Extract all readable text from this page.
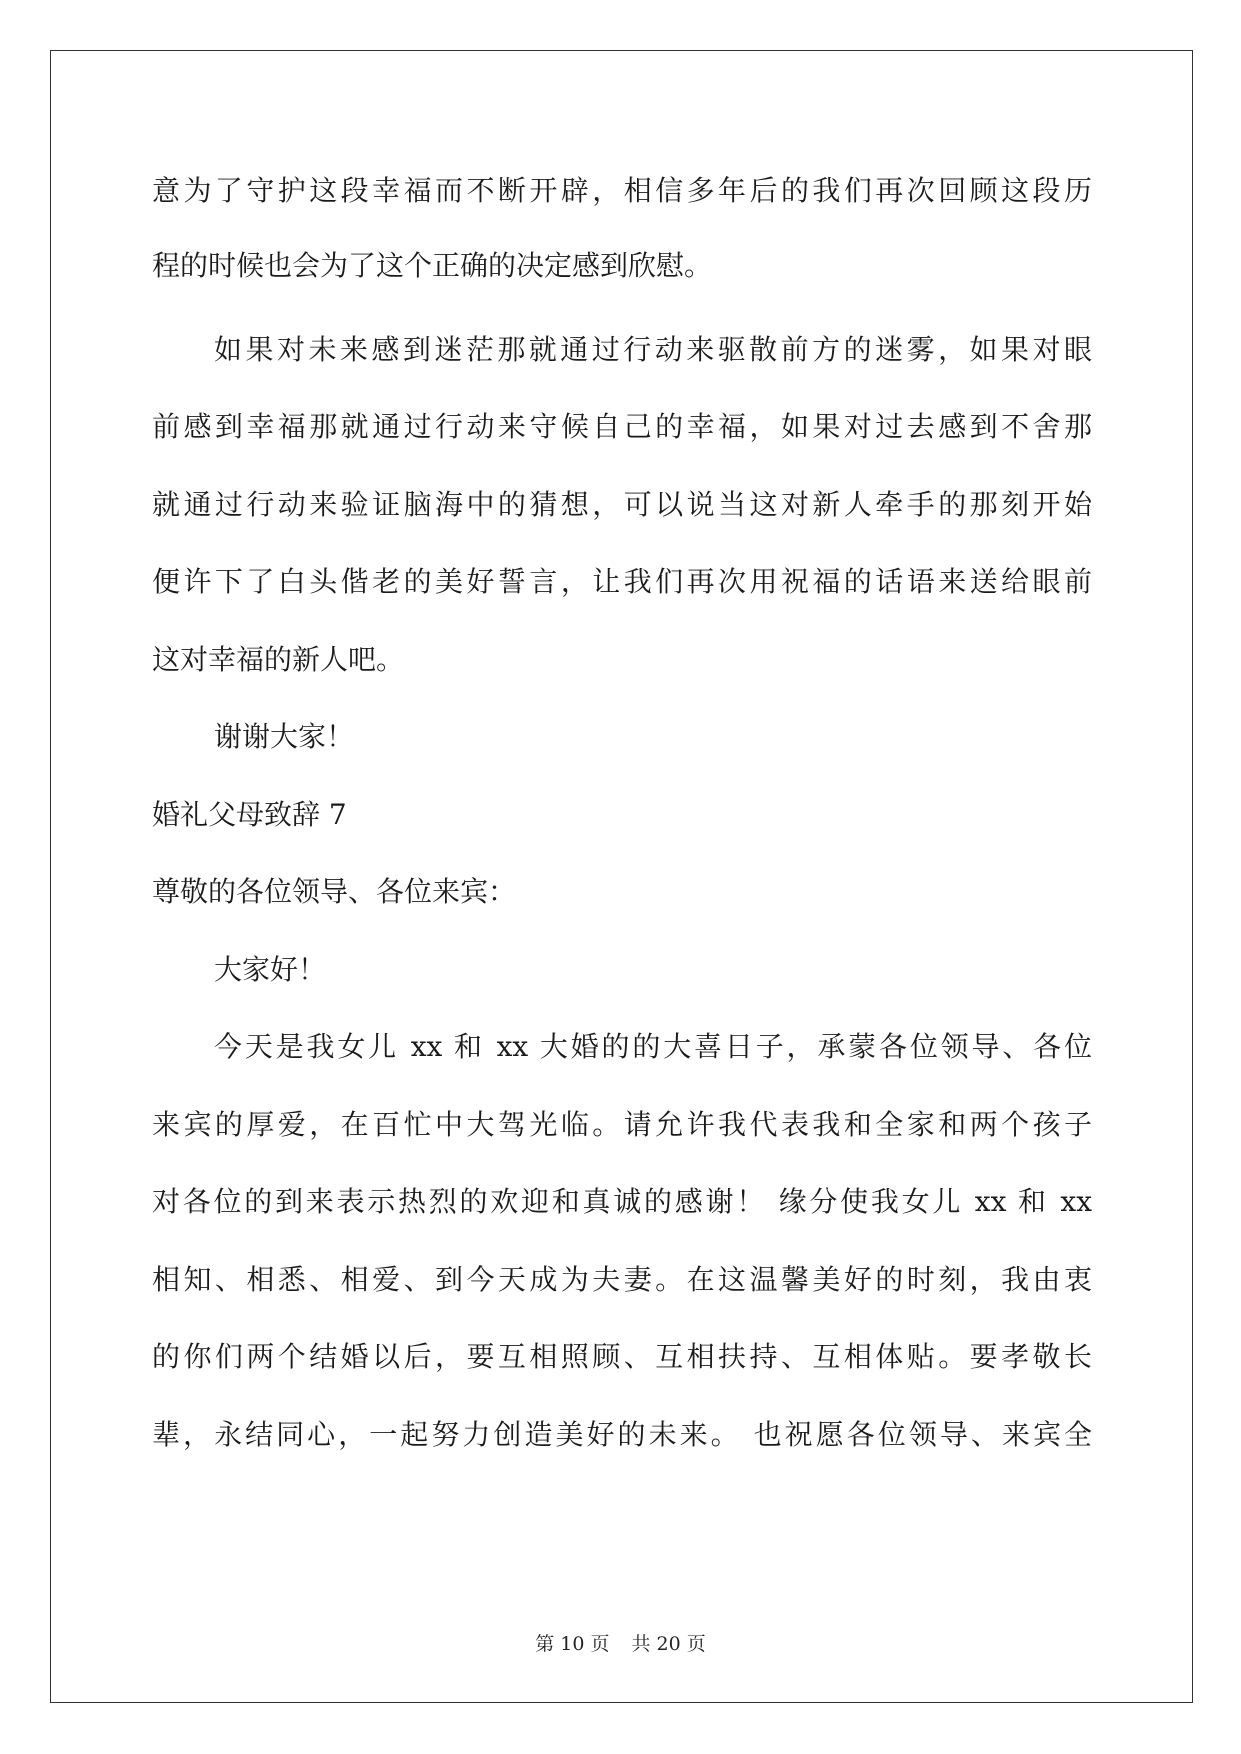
意为了守护这段幸福而不断开辟，相信多年后的我们再次回顾这段历
程的时候也会为了这个正确的决定感到欣慰。
如果对未来感到迷茫那就通过行动来驱散前方的迷雾，如果对眼
前感到幸福那就通过行动来守候自己的幸福，如果对过去感到不舍那
就通过行动来验证脑海中的猜想，可以说当这对新人牵手的那刻开始
便许下了白头偕老的美好誓言，让我们再次用祝福的话语来送给眼前
这对幸福的新人吧。
谢谢大家！
婚礼父母致辞 7
尊敬的各位领导、各位来宾：
大家好！
今天是我女儿 xx 和 xx 大婚的的大喜日子，承蒙各位领导、各位
来宾的厚爱，在百忙中大驾光临。请允许我代表我和全家和两个孩子
对各位的到来表示热烈的欢迎和真诚的感谢！ 缘分使我女儿 xx 和 xx
相知、相悉、相爱、到今天成为夫妻。在这温馨美好的时刻，我由衷
的你们两个结婚以后，要互相照顾、互相扶持、互相体贴。要孝敬长
辈，永结同心，一起努力创造美好的未来。 也祝愿各位领导、来宾全
第 10 页 共 20 页
